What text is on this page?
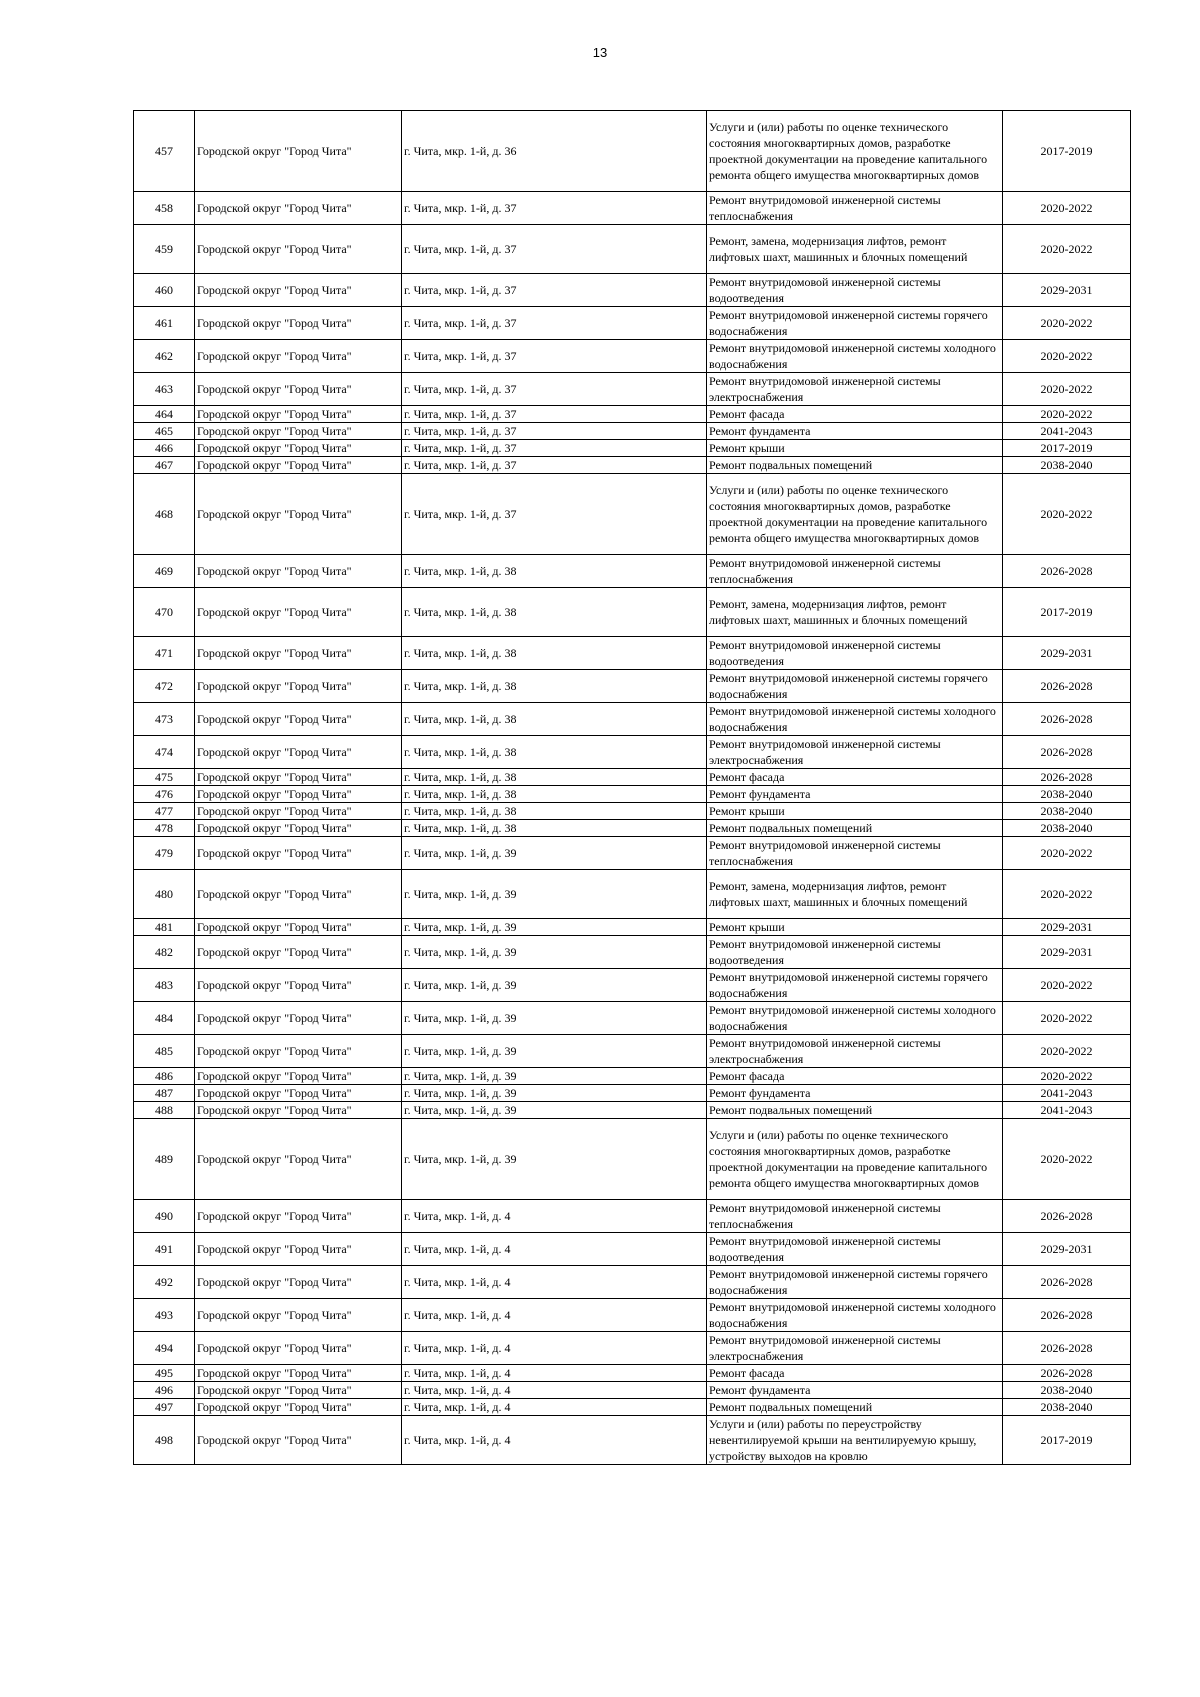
13
457	Городской округ "Город Чита"	г. Чита, мкр. 1-й, д. 36	Услуги и (или) работы по оценке технического состояния многоквартирных домов, разработке проектной документации на проведение капитального ремонта общего имущества многоквартирных домов	2017-2019
458	Городской округ "Город Чита"	г. Чита, мкр. 1-й, д. 37	Ремонт внутридомовой инженерной системы теплоснабжения	2020-2022
459	Городской округ "Город Чита"	г. Чита, мкр. 1-й, д. 37	Ремонт, замена, модернизация лифтов, ремонт лифтовых шахт, машинных и блочных помещений	2020-2022
460	Городской округ "Город Чита"	г. Чита, мкр. 1-й, д. 37	Ремонт внутридомовой инженерной системы водоотведения	2029-2031
461	Городской округ "Город Чита"	г. Чита, мкр. 1-й, д. 37	Ремонт внутридомовой инженерной системы горячего водоснабжения	2020-2022
462	Городской округ "Город Чита"	г. Чита, мкр. 1-й, д. 37	Ремонт внутридомовой инженерной системы холодного водоснабжения	2020-2022
463	Городской округ "Город Чита"	г. Чита, мкр. 1-й, д. 37	Ремонт внутридомовой инженерной системы электроснабжения	2020-2022
464	Городской округ "Город Чита"	г. Чита, мкр. 1-й, д. 37	Ремонт фасада	2020-2022
465	Городской округ "Город Чита"	г. Чита, мкр. 1-й, д. 37	Ремонт фундамента	2041-2043
466	Городской округ "Город Чита"	г. Чита, мкр. 1-й, д. 37	Ремонт крыши	2017-2019
467	Городской округ "Город Чита"	г. Чита, мкр. 1-й, д. 37	Ремонт подвальных помещений	2038-2040
468	Городской округ "Город Чита"	г. Чита, мкр. 1-й, д. 37	Услуги и (или) работы по оценке технического состояния многоквартирных домов, разработке проектной документации на проведение капитального ремонта общего имущества многоквартирных домов	2020-2022
469	Городской округ "Город Чита"	г. Чита, мкр. 1-й, д. 38	Ремонт внутридомовой инженерной системы теплоснабжения	2026-2028
470	Городской округ "Город Чита"	г. Чита, мкр. 1-й, д. 38	Ремонт, замена, модернизация лифтов, ремонт лифтовых шахт, машинных и блочных помещений	2017-2019
471	Городской округ "Город Чита"	г. Чита, мкр. 1-й, д. 38	Ремонт внутридомовой инженерной системы водоотведения	2029-2031
472	Городской округ "Город Чита"	г. Чита, мкр. 1-й, д. 38	Ремонт внутридомовой инженерной системы горячего водоснабжения	2026-2028
473	Городской округ "Город Чита"	г. Чита, мкр. 1-й, д. 38	Ремонт внутридомовой инженерной системы холодного водоснабжения	2026-2028
474	Городской округ "Город Чита"	г. Чита, мкр. 1-й, д. 38	Ремонт внутридомовой инженерной системы электроснабжения	2026-2028
475	Городской округ "Город Чита"	г. Чита, мкр. 1-й, д. 38	Ремонт фасада	2026-2028
476	Городской округ "Город Чита"	г. Чита, мкр. 1-й, д. 38	Ремонт фундамента	2038-2040
477	Городской округ "Город Чита"	г. Чита, мкр. 1-й, д. 38	Ремонт крыши	2038-2040
478	Городской округ "Город Чита"	г. Чита, мкр. 1-й, д. 38	Ремонт подвальных помещений	2038-2040
479	Городской округ "Город Чита"	г. Чита, мкр. 1-й, д. 39	Ремонт внутридомовой инженерной системы теплоснабжения	2020-2022
480	Городской округ "Город Чита"	г. Чита, мкр. 1-й, д. 39	Ремонт, замена, модернизация лифтов, ремонт лифтовых шахт, машинных и блочных помещений	2020-2022
481	Городской округ "Город Чита"	г. Чита, мкр. 1-й, д. 39	Ремонт крыши	2029-2031
482	Городской округ "Город Чита"	г. Чита, мкр. 1-й, д. 39	Ремонт внутридомовой инженерной системы водоотведения	2029-2031
483	Городской округ "Город Чита"	г. Чита, мкр. 1-й, д. 39	Ремонт внутридомовой инженерной системы горячего водоснабжения	2020-2022
484	Городской округ "Город Чита"	г. Чита, мкр. 1-й, д. 39	Ремонт внутридомовой инженерной системы холодного водоснабжения	2020-2022
485	Городской округ "Город Чита"	г. Чита, мкр. 1-й, д. 39	Ремонт внутридомовой инженерной системы электроснабжения	2020-2022
486	Городской округ "Город Чита"	г. Чита, мкр. 1-й, д. 39	Ремонт фасада	2020-2022
487	Городской округ "Город Чита"	г. Чита, мкр. 1-й, д. 39	Ремонт фундамента	2041-2043
488	Городской округ "Город Чита"	г. Чита, мкр. 1-й, д. 39	Ремонт подвальных помещений	2041-2043
489	Городской округ "Город Чита"	г. Чита, мкр. 1-й, д. 39	Услуги и (или) работы по оценке технического состояния многоквартирных домов, разработке проектной документации на проведение капитального ремонта общего имущества многоквартирных домов	2020-2022
490	Городской округ "Город Чита"	г. Чита, мкр. 1-й, д. 4	Ремонт внутридомовой инженерной системы теплоснабжения	2026-2028
491	Городской округ "Город Чита"	г. Чита, мкр. 1-й, д. 4	Ремонт внутридомовой инженерной системы водоотведения	2029-2031
492	Городской округ "Город Чита"	г. Чита, мкр. 1-й, д. 4	Ремонт внутридомовой инженерной системы горячего водоснабжения	2026-2028
493	Городской округ "Город Чита"	г. Чита, мкр. 1-й, д. 4	Ремонт внутридомовой инженерной системы холодного водоснабжения	2026-2028
494	Городской округ "Город Чита"	г. Чита, мкр. 1-й, д. 4	Ремонт внутридомовой инженерной системы электроснабжения	2026-2028
495	Городской округ "Город Чита"	г. Чита, мкр. 1-й, д. 4	Ремонт фасада	2026-2028
496	Городской округ "Город Чита"	г. Чита, мкр. 1-й, д. 4	Ремонт фундамента	2038-2040
497	Городской округ "Город Чита"	г. Чита, мкр. 1-й, д. 4	Ремонт подвальных помещений	2038-2040
498	Городской округ "Город Чита"	г. Чита, мкр. 1-й, д. 4	Услуги и (или) работы по переустройству невентилируемой крыши на вентилируемую крышу, устройству выходов на кровлю	2017-2019
